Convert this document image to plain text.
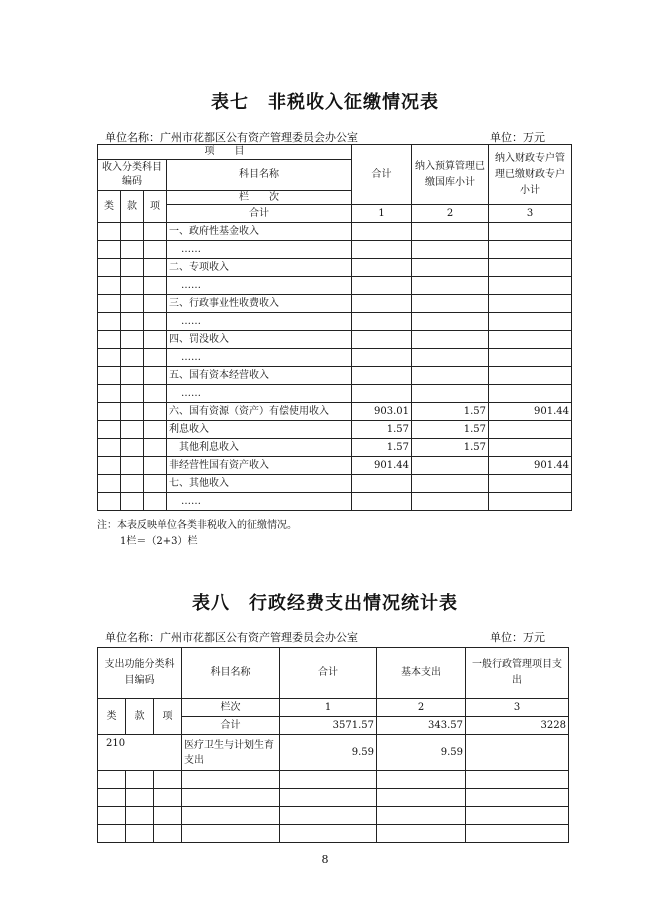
表七　非税收入征缴情况表
单位名称：广州市花都区公有资产管理委员会办公室	单位：万元
项　　目				合计	纳入预算管理已缴国库小计	纳入财政专户管理已缴财政专户小计
收入分类科目编码			科目名称			
类	款	项	栏　　次			
			合计	1	2	3
			一、政府性基金收入			
			……			
			二、专项收入			
			……			
			三、行政事业性收费收入			
			……			
			四、罚没收入			
			……			
			五、国有资本经营收入			
			……			
			六、国有资源（资产）有偿使用收入	903.01	1.57	901.44
			利息收入	1.57	1.57	
			其他利息收入	1.57	1.57	
			非经营性国有资产收入	901.44		901.44
			七、其他收入			
			……			
注：本表反映单位各类非税收入的征缴情况。
1栏＝（2+3）栏
表八　行政经费支出情况统计表
单位名称：广州市花都区公有资产管理委员会办公室	单位：万元
支出功能分类科目编码			科目名称	合计	基本支出	一般行政管理项目支出
类	款	项	栏次	1	2	3
			合计	3571.57	343.57	3228
210			医疗卫生与计划生育支出	9.59	9.59	

8
